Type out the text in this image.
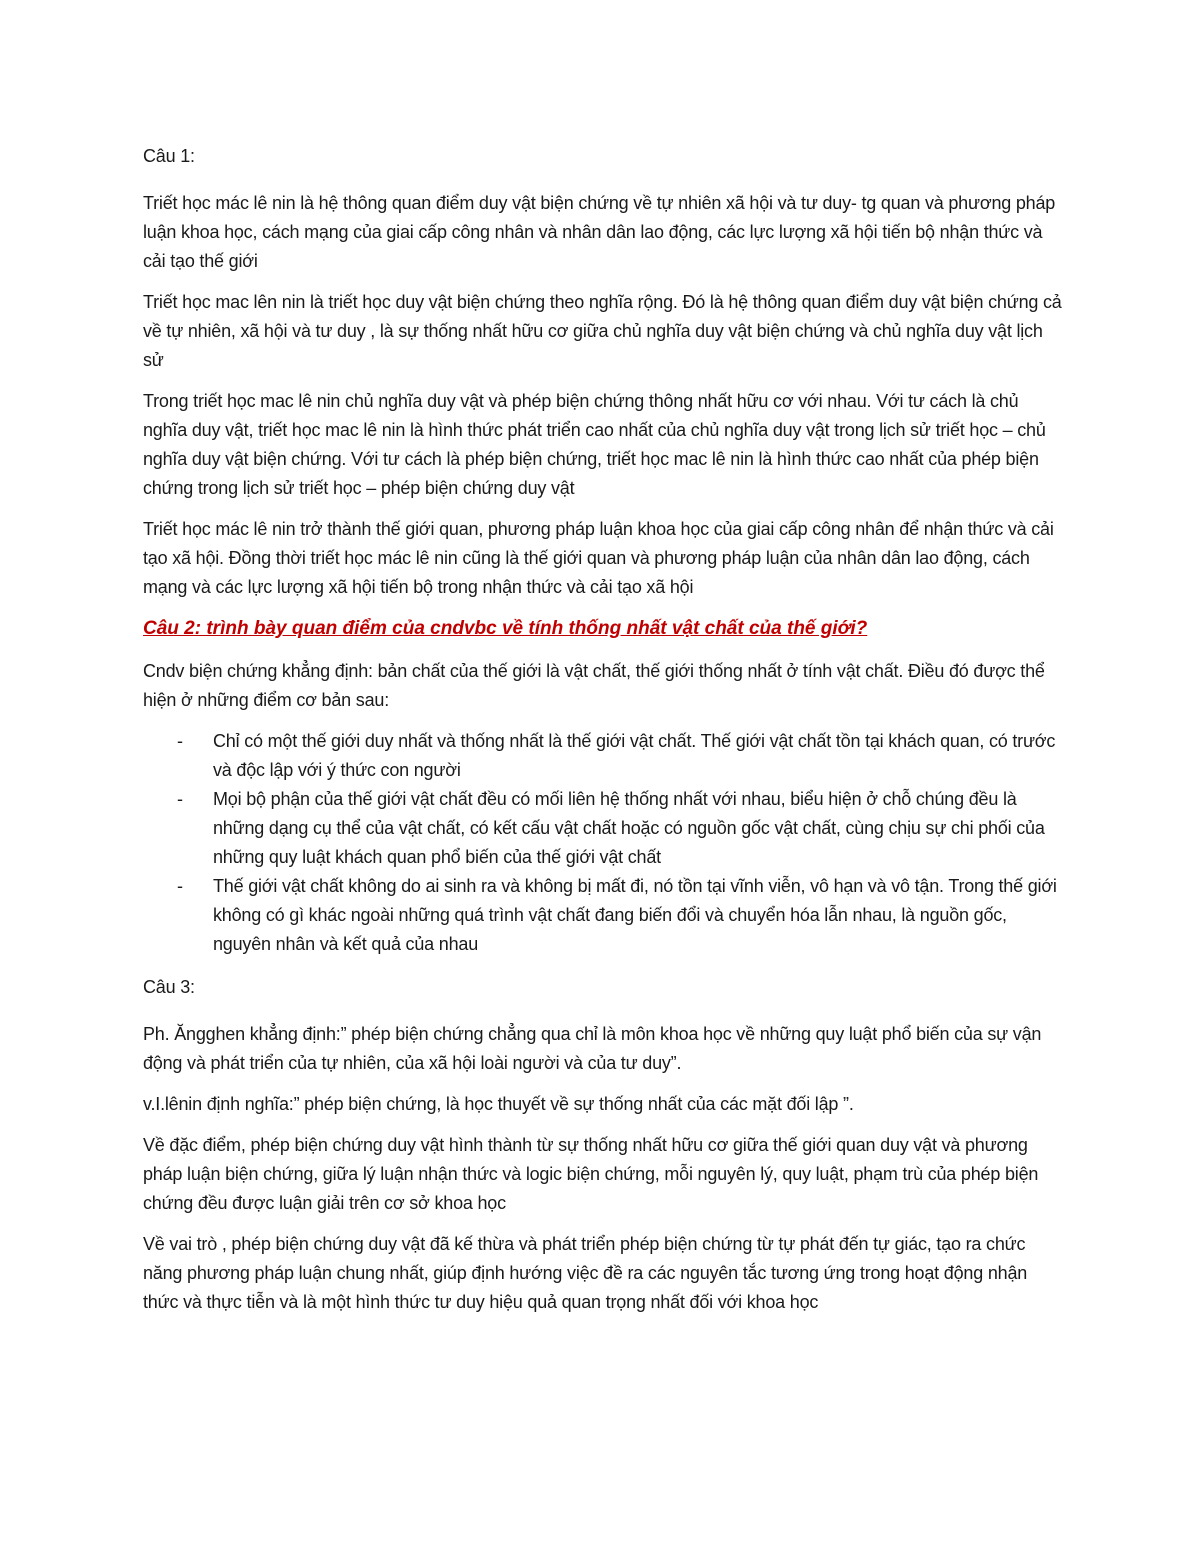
Câu 1:

Triết học mác lê nin là hệ thông quan điểm duy vật biện chứng về tự nhiên xã hội và tư duy- tg quan và phương pháp luận khoa học, cách mạng của giai cấp công nhân và nhân dân lao động, các lực lượng xã hội tiến bộ nhận thức và cải tạo thế giới

Triết học mac lên nin là triết học duy vật biện chứng theo nghĩa rộng. Đó là hệ thông quan điểm duy vật biện chứng cả về tự nhiên, xã hội và tư duy , là sự thống nhất hữu cơ giữa chủ nghĩa duy vật biện chứng và chủ nghĩa duy vật lịch sử

Trong triết học mac lê nin chủ nghĩa duy vật và phép biện chứng thông nhất hữu cơ với nhau. Với tư cách là chủ nghĩa duy vật, triết học mac lê nin là hình thức phát triển cao nhất của chủ nghĩa duy vật trong lịch sử triết học – chủ nghĩa duy vật biện chứng. Với tư cách là phép biện chứng, triết học mac lê nin là hình thức cao nhất của phép biện chứng trong lịch sử triết học – phép biện chứng duy vật

Triết học mác lê nin trở thành thế giới quan, phương pháp luận khoa học của giai cấp công nhân để nhận thức và cải tạo xã hội. Đồng thời triết học mác lê nin cũng là thế giới quan và phương pháp luận của nhân dân lao động, cách mạng và các lực lượng xã hội tiến bộ trong nhận thức và cải tạo xã hội

Câu 2: trình bày quan điểm của cndvbc về tính thống nhất vật chất của thế giới?

Cndv biện chứng khẳng định: bản chất của thế giới là vật chất, thế giới thống nhất ở tính vật chất. Điều đó được thể hiện ở những điểm cơ bản sau:

- Chỉ có một thế giới duy nhất và thống nhất là thế giới vật chất. Thế giới vật chất tồn tại khách quan, có trước và độc lập với ý thức con người
- Mọi bộ phận của thế giới vật chất đều có mối liên hệ thống nhất với nhau, biểu hiện ở chỗ chúng đều là những dạng cụ thể của vật chất, có kết cấu vật chất hoặc có nguồn gốc vật chất, cùng chịu sự chi phối của những quy luật khách quan phổ biến của thế giới vật chất
- Thế giới vật chất không do ai sinh ra và không bị mất đi, nó tồn tại vĩnh viễn, vô hạn và vô tận. Trong thế giới không có gì khác ngoài những quá trình vật chất đang biến đổi và chuyển hóa lẫn nhau, là nguồn gốc, nguyên nhân và kết quả của nhau

Câu 3:

Ph. Ăngghen khẳng định:” phép biện chứng chẳng qua chỉ là môn khoa học về những quy luật phổ biến của sự vận động và phát triển của tự nhiên, của xã hội loài người và của tư duy”.

v.I.lênin định nghĩa:” phép biện chứng, là học thuyết về sự thống nhất của các mặt đối lập ”.

Về đặc điểm, phép biện chứng duy vật hình thành từ sự thống nhất hữu cơ giữa thế giới quan duy vật và phương pháp luận biện chứng, giữa lý luận nhận thức và logic biện chứng, mỗi nguyên lý, quy luật, phạm trù của phép biện chứng đều được luận giải trên cơ sở khoa học

Về vai trò , phép biện chứng duy vật đã kế thừa và phát triển phép biện chứng từ tự phát đến tự giác, tạo ra chức năng phương pháp luận chung nhất, giúp định hướng việc đề ra các nguyên tắc tương ứng trong hoạt động nhận thức và thực tiễn và là một hình thức tư duy hiệu quả quan trọng nhất đối với khoa học
